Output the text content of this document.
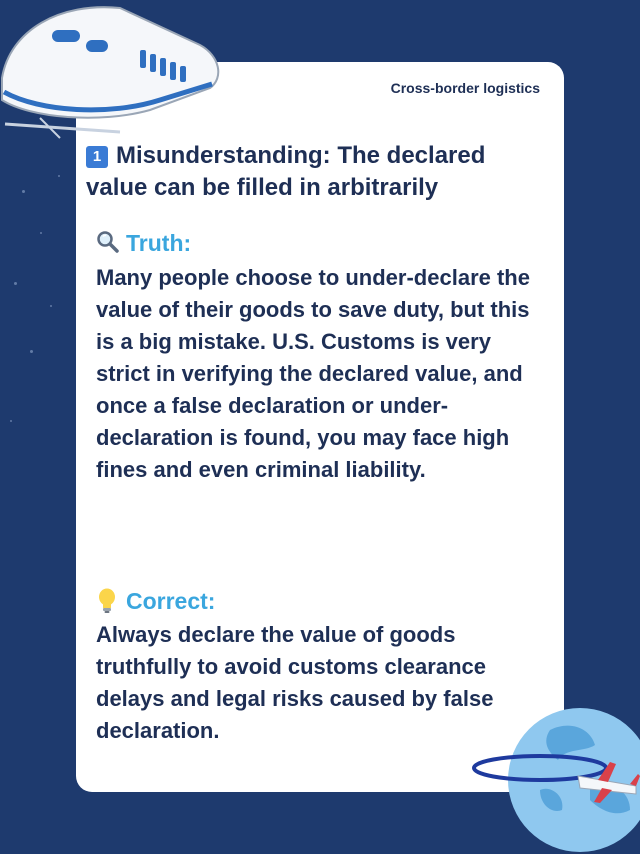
Cross-border logistics
1 Misunderstanding: The declared value can be filled in arbitrarily
Truth:
Many people choose to under-declare the value of their goods to save duty, but this is a big mistake. U.S. Customs is very strict in verifying the declared value, and once a false declaration or under-declaration is found, you may face high fines and even criminal liability.
Correct:
Always declare the value of goods truthfully to avoid customs clearance delays and legal risks caused by false declaration.
